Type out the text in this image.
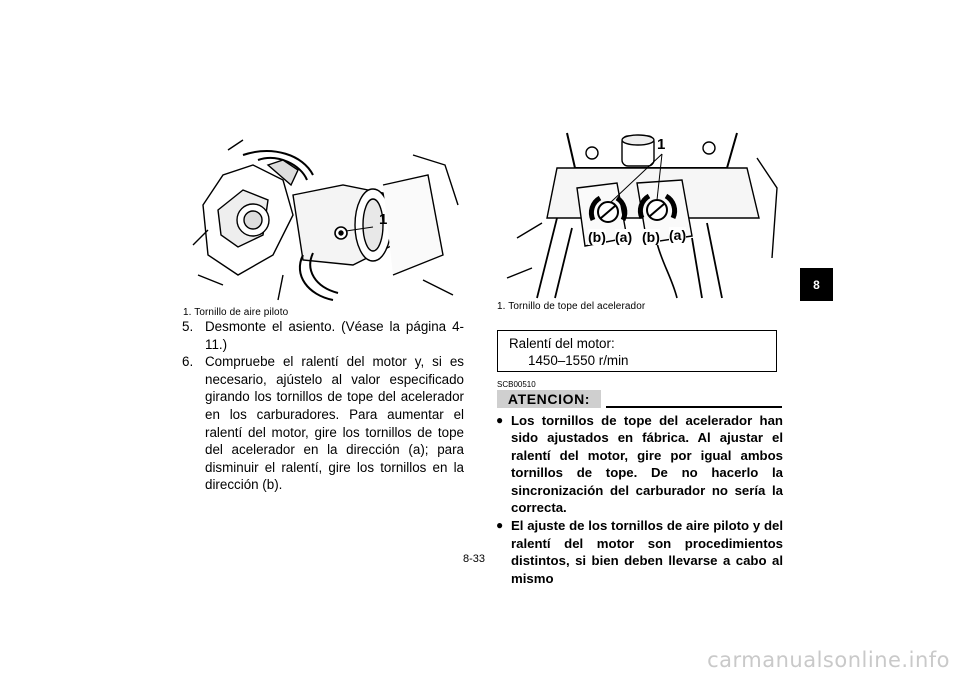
1
1. Tornillo de aire piloto
1
(b) (a) (b) (a)
1. Tornillo de tope del acelerador
5. Desmonte el asiento. (Véase la página 4-11.)
6. Compruebe el ralentí del motor y, si es necesario, ajústelo al valor especificado girando los tornillos de tope del acelerador en los carburadores. Para aumentar el ralentí del motor, gire los tornillos de tope del acelerador en la dirección (a); para disminuir el ralentí, gire los tornillos en la dirección (b).
Ralentí del motor:
1450–1550 r/min
SCB00510
ATENCION:
● Los tornillos de tope del acelerador han sido ajustados en fábrica. Al ajustar el ralentí del motor, gire por igual ambos tornillos de tope. De no hacerlo la sincronización del carburador no sería la correcta.
● El ajuste de los tornillos de aire piloto y del ralentí del motor son procedimientos distintos, si bien deben llevarse a cabo al mismo
8-33
8
carmanualsonline.info
